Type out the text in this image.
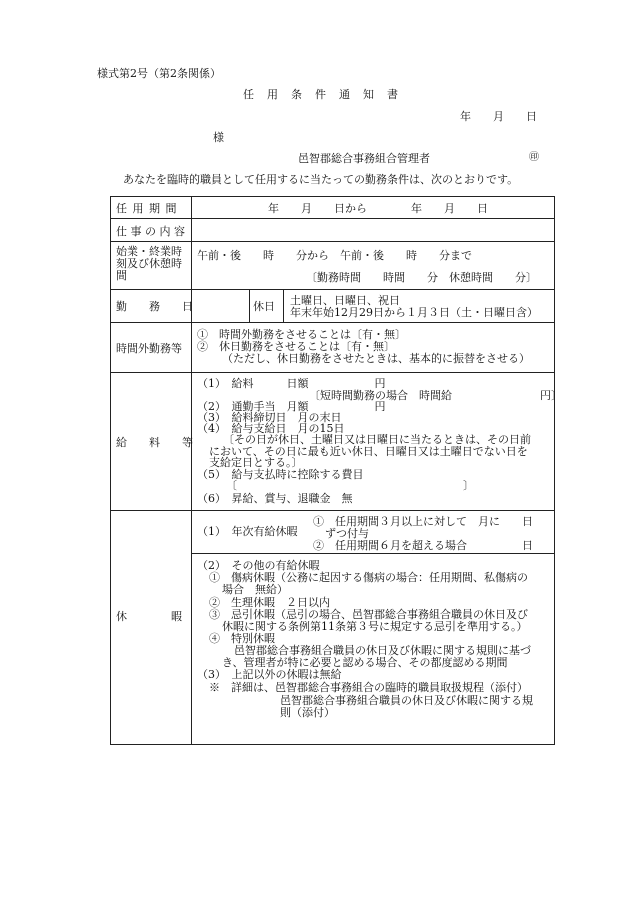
様式第2号（第2条関係）
任　用　条　件　通　知　書
年　　月　　日
様
邑智郡総合事務組合管理者	㊞
あなたを臨時的職員として任用するに当たっての勤務条件は、次のとおりです。
任 用 期 間	年　　月　　日から　　　　年　　月　　日
仕 事 の 内 容
始業・終業時
刻及び休憩時
間
午前・後　　時　　分から　午前・後　　時　　分まで
〔勤務時間　　時間　　分　休憩時間　　分〕
勤　　務　　日	休日 土曜日、日曜日、祝日
年末年始12月29日から１月３日（土・日曜日含）
時間外勤務等
①　時間外勤務をさせることは〔有・無〕
②　休日勤務をさせることは〔有・無〕
（ただし、休日勤務をさせたときは、基本的に振替をさせる）
給　　料　　等
（1）　給料　　　日額　　　　　　円
〔短時間勤務の場合　時間給　　　　　　　　円〕
（2）　通勤手当　月額　　　　　　円
（3）　給料締切日　月の末日
（4）　給与支給日　月の15日
〔その日が休日、土曜日又は日曜日に当たるときは、その日前
において、その日に最も近い休日、日曜日又は土曜日でない日を
支給定日とする。〕
（5）　給与支払時に控除する費目
〔	〕
（6）　昇給、賞与、退職金　無
休　　　　暇
（1）　年次有給休暇
①　任用期間３月以上に対して　月に　　日
ずつ付与
②　任用期間６月を超える場合　　　　　日
（2）　その他の有給休暇
①　傷病休暇（公務に起因する傷病の場合：任用期間、私傷病の
場合　無給）
②　生理休暇　２日以内
③　忌引休暇（忌引の場合、邑智郡総合事務組合職員の休日及び
休暇に関する条例第11条第３号に規定する忌引を準用する。）
④　特別休暇
邑智郡総合事務組合職員の休日及び休暇に関する規則に基づ
き、管理者が特に必要と認める場合、その都度認める期間
（3）　上記以外の休暇は無給
※　詳細は、邑智郡総合事務組合の臨時的職員取扱規程（添付）
邑智郡総合事務組合職員の休日及び休暇に関する規
則（添付）
